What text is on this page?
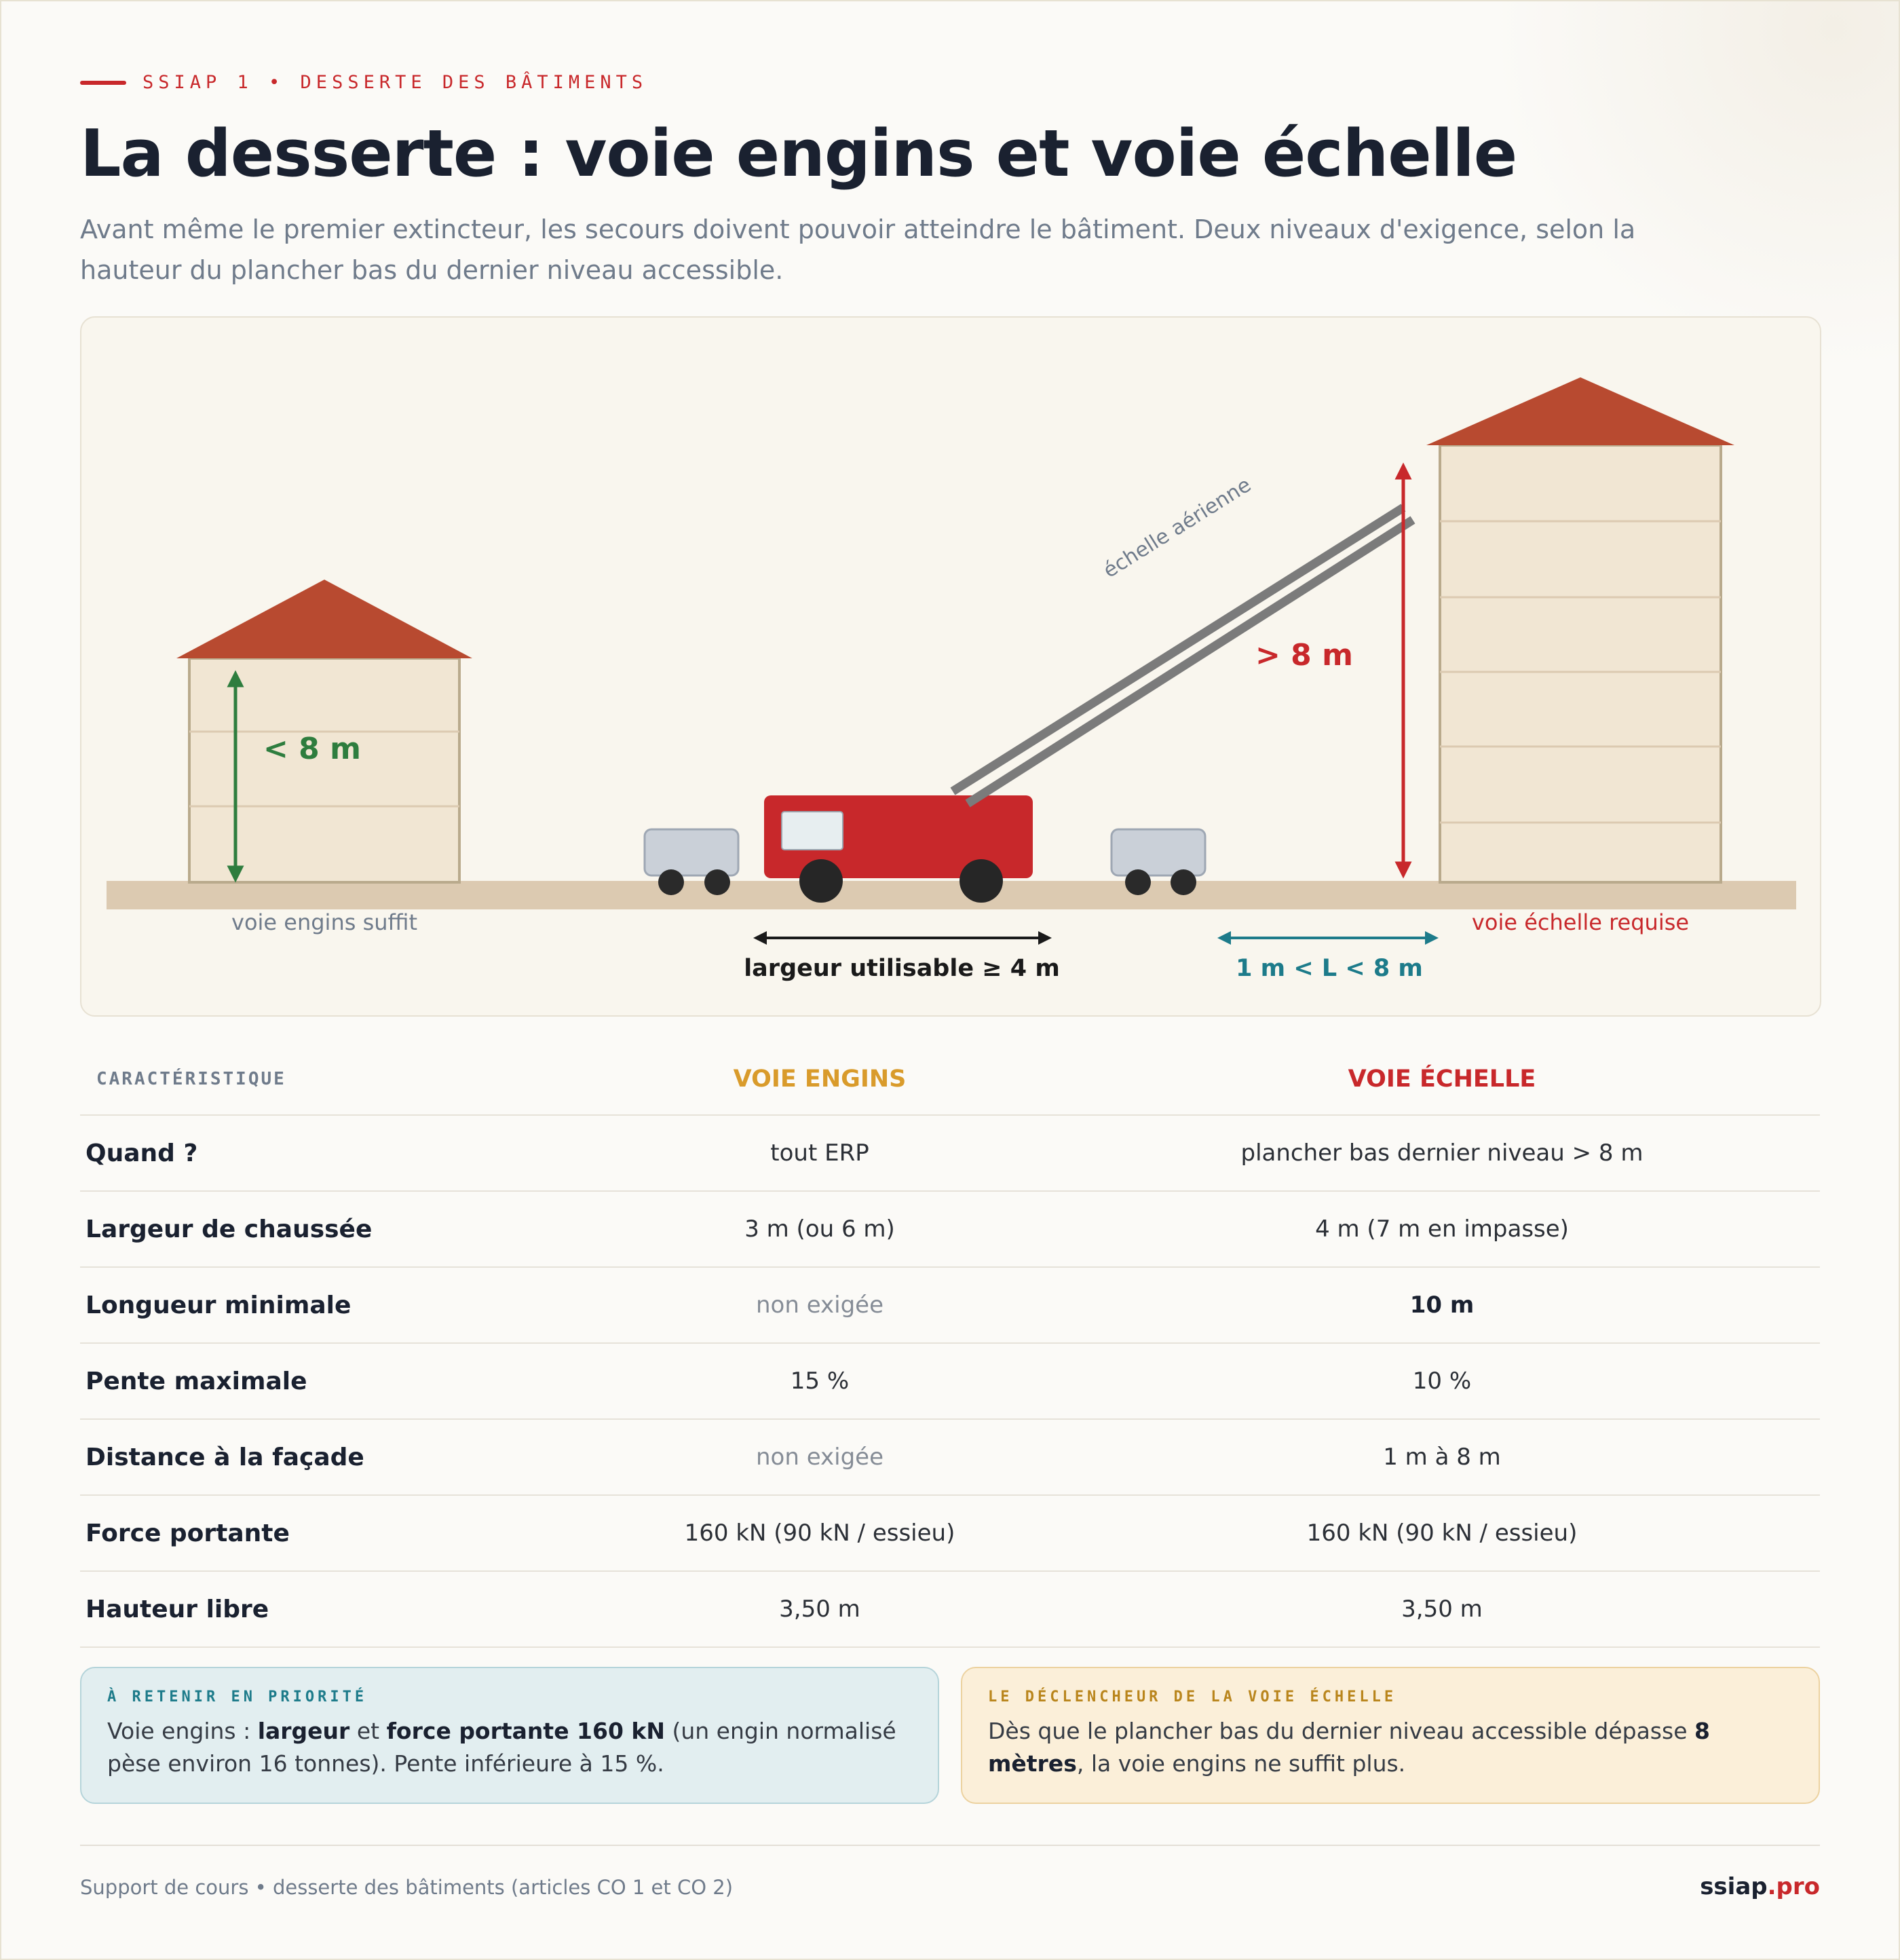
SSIAP 1 • DESSERTE DES BÂTIMENTS
La desserte : voie engins et voie échelle

Avant même le premier extincteur, les secours doivent pouvoir atteindre le bâtiment. Deux niveaux d'exigence, selon la hauteur du plancher bas du dernier niveau accessible.

< 8 m
voie engins suffit
échelle aérienne
> 8 m
voie échelle requise
largeur utilisable ≥ 4 m	1 m < L < 8 m
CARACTÉRISTIQUE	VOIE ENGINS	VOIE ÉCHELLE
Quand ?	tout ERP	plancher bas dernier niveau > 8 m
Largeur de chaussée	3 m (ou 6 m)	4 m (7 m en impasse)
Longueur minimale	non exigée	10 m
Pente maximale	15 %	10 %
Distance à la façade	non exigée	1 m à 8 m
Force portante	160 kN (90 kN / essieu)	160 kN (90 kN / essieu)
Hauteur libre	3,50 m	3,50 m
À RETENIR EN PRIORITÉ
Voie engins : largeur et force portante 160 kN (un engin normalisé pèse environ 16 tonnes). Pente inférieure à 15 %.
LE DÉCLENCHEUR DE LA VOIE ÉCHELLE
Dès que le plancher bas du dernier niveau accessible dépasse 8 mètres, la voie engins ne suffit plus.
Support de cours • desserte des bâtiments (articles CO 1 et CO 2)	ssiap.pro
